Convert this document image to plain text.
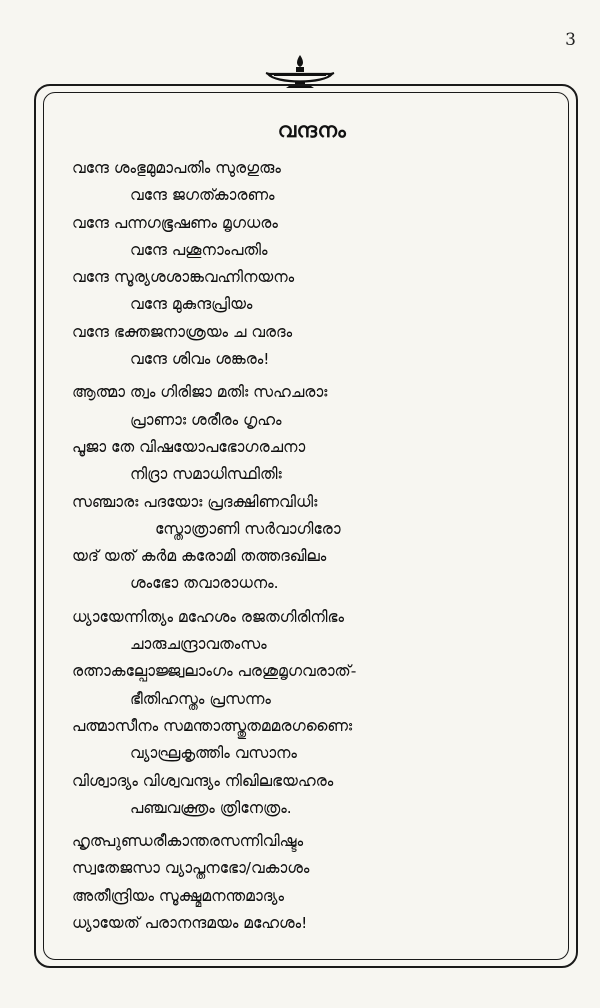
3
വന്ദനം
വന്ദേ ശംഭുമുമാപതിം സുരഗുരും
വന്ദേ ജഗത്കാരണം
വന്ദേ പന്നഗഭൂഷണം മൃഗധരം
വന്ദേ പശൂനാംപതിം
വന്ദേ സൂര്യശശാങ്കവഹ്നിനയനം
വന്ദേ മുകുന്ദപ്രിയം
വന്ദേ ഭക്തജനാശ്രയം ച വരദം
വന്ദേ ശിവം ശങ്കരം!
ആത്മാ ത്വം ഗിരിജാ മതിഃ സഹചരാഃ
പ്രാണാഃ ശരീരം ഗൃഹം
പൂജാ തേ വിഷയോപഭോഗരചനാ
നിദ്രാ സമാധിസ്ഥിതിഃ
സഞ്ചാരഃ പദയോഃ പ്രദക്ഷിണവിധിഃ
സ്തോത്രാണി സർവാഗിരോ
യദ് യത് കർമ കരോമി തത്തദഖിലം
ശംഭോ തവാരാധനം.
ധ്യായേന്നിത്യം മഹേശം രജതഗിരിനിഭം
ചാരുചന്ദ്രാവതംസം
രത്നാകല്പോജ്ജ്വലാംഗം പരശുമൃഗവരാത്-
ഭീതിഹസ്തം പ്രസന്നം
പത്മാസീനം സമന്താത്സ്തുതമമരഗണൈഃ
വ്യാഘ്രകൃത്തിം വസാനം
വിശ്വാദ്യം വിശ്വവന്ദ്യം നിഖിലഭയഹരം
പഞ്ചവക്ത്രം ത്രിനേത്രം.
ഹൃത്പുണ്ഡരീകാന്തരസന്നിവിഷ്ടം
സ്വതേജസാ വ്യാപ്തനഭോ/വകാശം
അതീന്ദ്രിയം സൂക്ഷ്മമനന്തമാദ്യം
ധ്യായേത് പരാനന്ദമയം മഹേശം!
